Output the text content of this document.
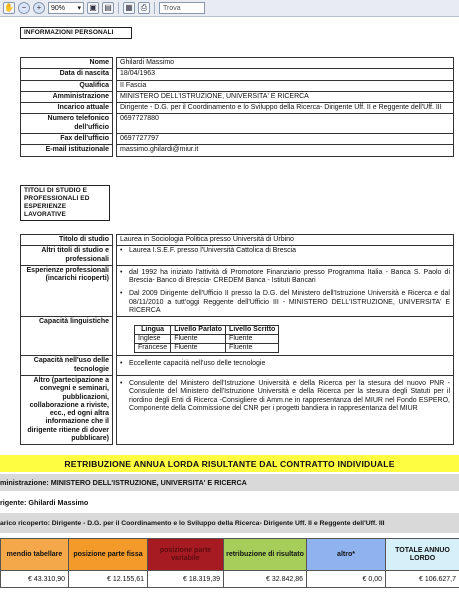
✋ −	+	90% ▾ ▣ ▤ ▦	⎙	Trova
INFORMAZIONI PERSONALI
Nome		Ghilardi Massimo
Data di nascita		18/04/1963
Qualifica		II Fascia
Amministrazione		MINISTERO DELL'ISTRUZIONE, UNIVERSITA' E RICERCA
Incarico attuale		Dirigente - D.G. per il Coordinamento e lo Sviluppo della Ricerca- Dirigente Uff. II e Reggente dell'Uff. III
Numero telefonico dell'ufficio		0697727880
Fax dell'ufficio		0697727797
E-mail istituzionale		massimo.ghilardi@miur.it
TITOLI DI STUDIO E PROFESSIONALI ED ESPERIENZE LAVORATIVE
Titolo di studio		Laurea in Sociologia Politica presso Università di Urbino
Altri titoli di studio e professionali		
• Laurea I.S.E.F. presso l'Università Cattolica di Brescia

Esperienze professionali (incarichi ricoperti)		
• dal 1992 ha iniziato l'attività di Promotore Finanziario presso Programma Italia - Banca S. Paolo di Brescia- Banco di Brescia- CREDEM Banca - Istituti Bancari
• Dal 2009 Dirigente dell'Ufficio II presso la D.G. del Ministero dell'Istruzione Università e Ricerca e dal 08/11/2010 a tutt'oggi Reggente dell'Ufficio III - MINISTERO DELL'ISTRUZIONE, UNIVERSITA' E RICERCA

Capacità linguistiche		
Lingua	Livello Parlato	Livello Scritto
Inglese	Fluente	Fluente
Francese	Fluente	Fluente

Capacità nell'uso delle tecnologie		
• Eccellente capacità nell'uso delle tecnologie

Altro (partecipazione a convegni e seminari, pubblicazioni, collaborazione a riviste, ecc., ed ogni altra informazione che il dirigente ritiene di dover pubblicare)		
• Consulente del Ministero dell'Istruzione Università e della Ricerca per la stesura del nuovo PNR - Consulente del Ministero dell'Istruzione Università e della Ricerca per la stesura degli Statuti per il riordino degli Enti di Ricerca -Consigliere di Amm.ne in rappresentanza del MIUR nel Fondo ESPERO, Componente della Commissione del CNR per i progetti bandiera in rappresentanza del MIUR
RETRIBUZIONE ANNUA LORDA RISULTANTE DAL CONTRATTO INDIVIDUALE
ministrazione: MINISTERO DELL'ISTRUZIONE, UNIVERSITA' E RICERCA
rigente: Ghilardi Massimo
arico ricoperto: Dirigente - D.G. per il Coordinamento e lo Sviluppo della Ricerca- Dirigente Uff. II e Reggente dell'Uff. III
mendio tabellare	posizione parte fissa	posizione parte variabile	retribuzione di risultato	altro*	TOTALE ANNUO LORDO
€ 43.310,90	€ 12.155,61	€ 18.319,39	€ 32.842,86	€ 0,00	€ 106.627,7
